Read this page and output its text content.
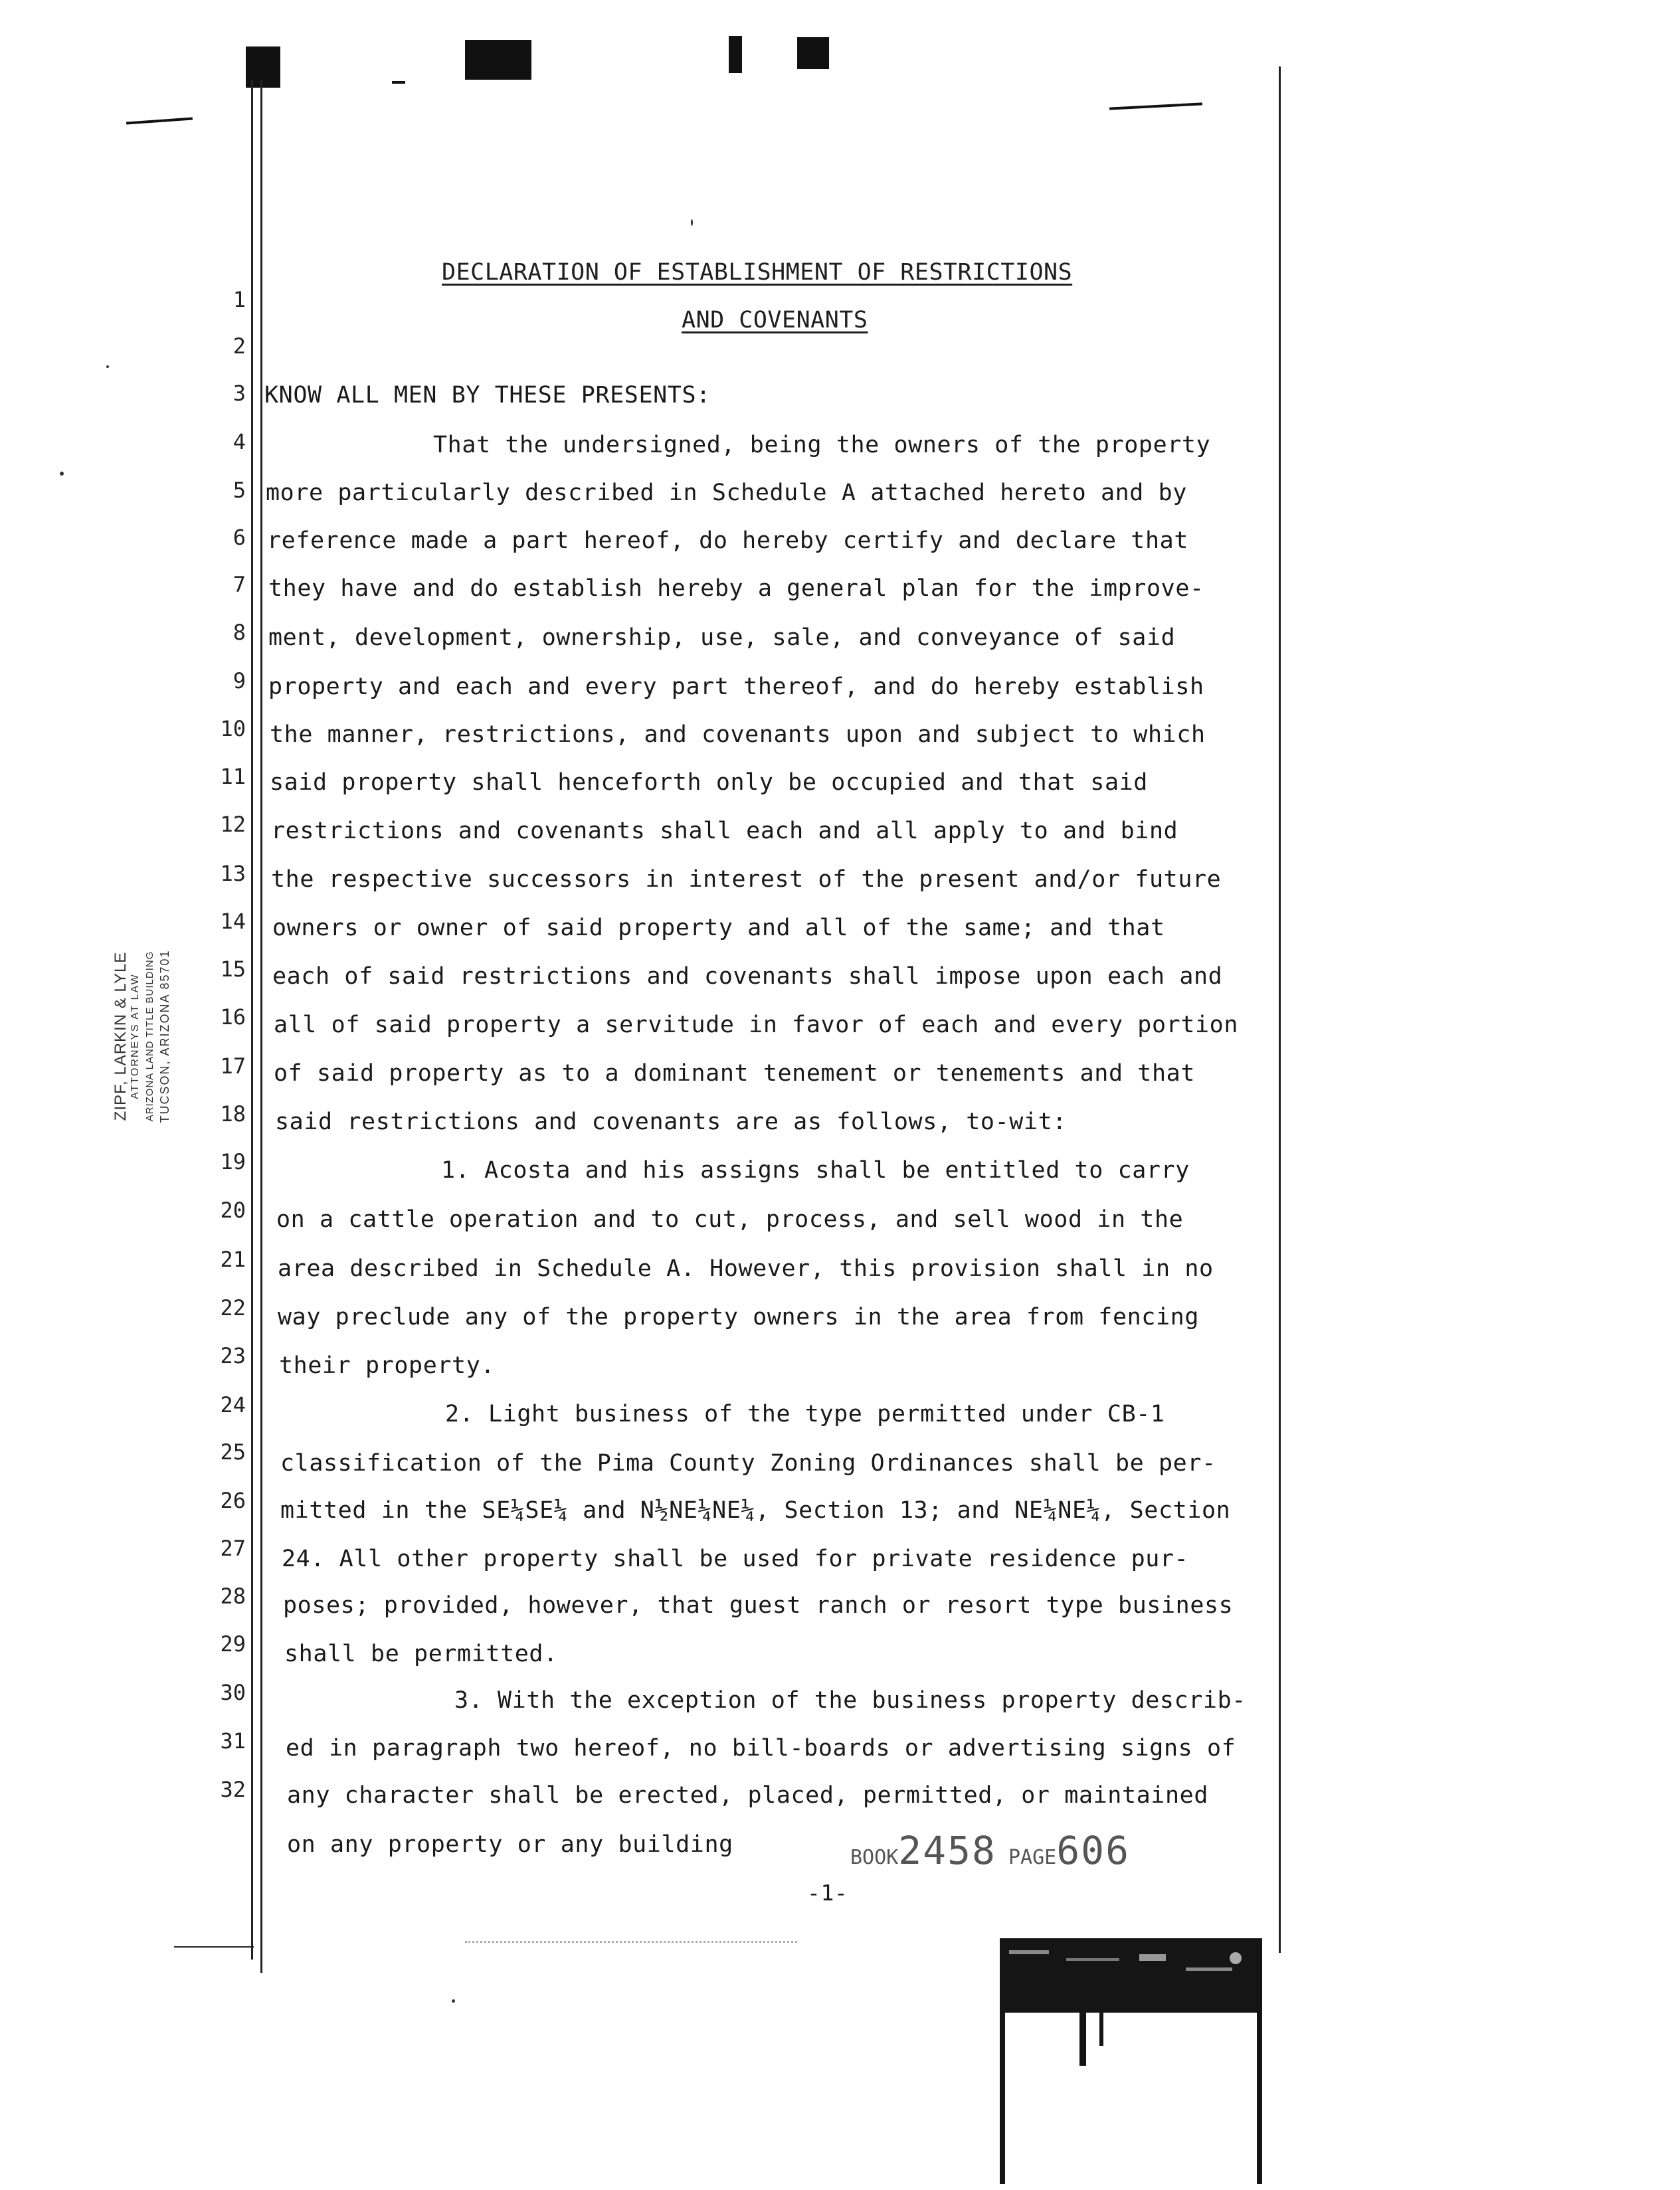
ZIPF, LARKIN & LYLE ATTORNEYS AT LAW ARIZONA LAND TITLE BUILDING TUCSON, ARIZONA 85701
DECLARATION OF ESTABLISHMENT OF RESTRICTIONS
AND COVENANTS
1
2
3
4
5
6
7
8
9
10
11
12
13
14
15
16
17
18
19
20
21
22
23
24
25
26
27
28
29
30
31
32
KNOW ALL MEN BY THESE PRESENTS:
That the undersigned, being the owners of the property
more particularly described in Schedule A attached hereto and by
reference made a part hereof, do hereby certify and declare that
they have and do establish hereby a general plan for the improve-
ment, development, ownership, use, sale, and conveyance of said
property and each and every part thereof, and do hereby establish
the manner, restrictions, and covenants upon and subject to which
said property shall henceforth only be occupied and that said
restrictions and covenants shall each and all apply to and bind
the respective successors in interest of the present and/or future
owners or owner of said property and all of the same; and that
each of said restrictions and covenants shall impose upon each and
all of said property a servitude in favor of each and every portion
of said property as to a dominant tenement or tenements and that
said restrictions and covenants are as follows, to-wit:
1. Acosta and his assigns shall be entitled to carry
on a cattle operation and to cut, process, and sell wood in the
area described in Schedule A. However, this provision shall in no
way preclude any of the property owners in the area from fencing
their property.
2. Light business of the type permitted under CB-1
classification of the Pima County Zoning Ordinances shall be per-
mitted in the SE¼SE¼ and N½NE¼NE¼, Section 13; and NE¼NE¼, Section
24. All other property shall be used for private residence pur-
poses; provided, however, that guest ranch or resort type business
shall be permitted.
3. With the exception of the business property describ-
ed in paragraph two hereof, no bill-boards or advertising signs of
any character shall be erected, placed, permitted, or maintained
on any property or any building	BOOK2458 PAGE606
-1-
